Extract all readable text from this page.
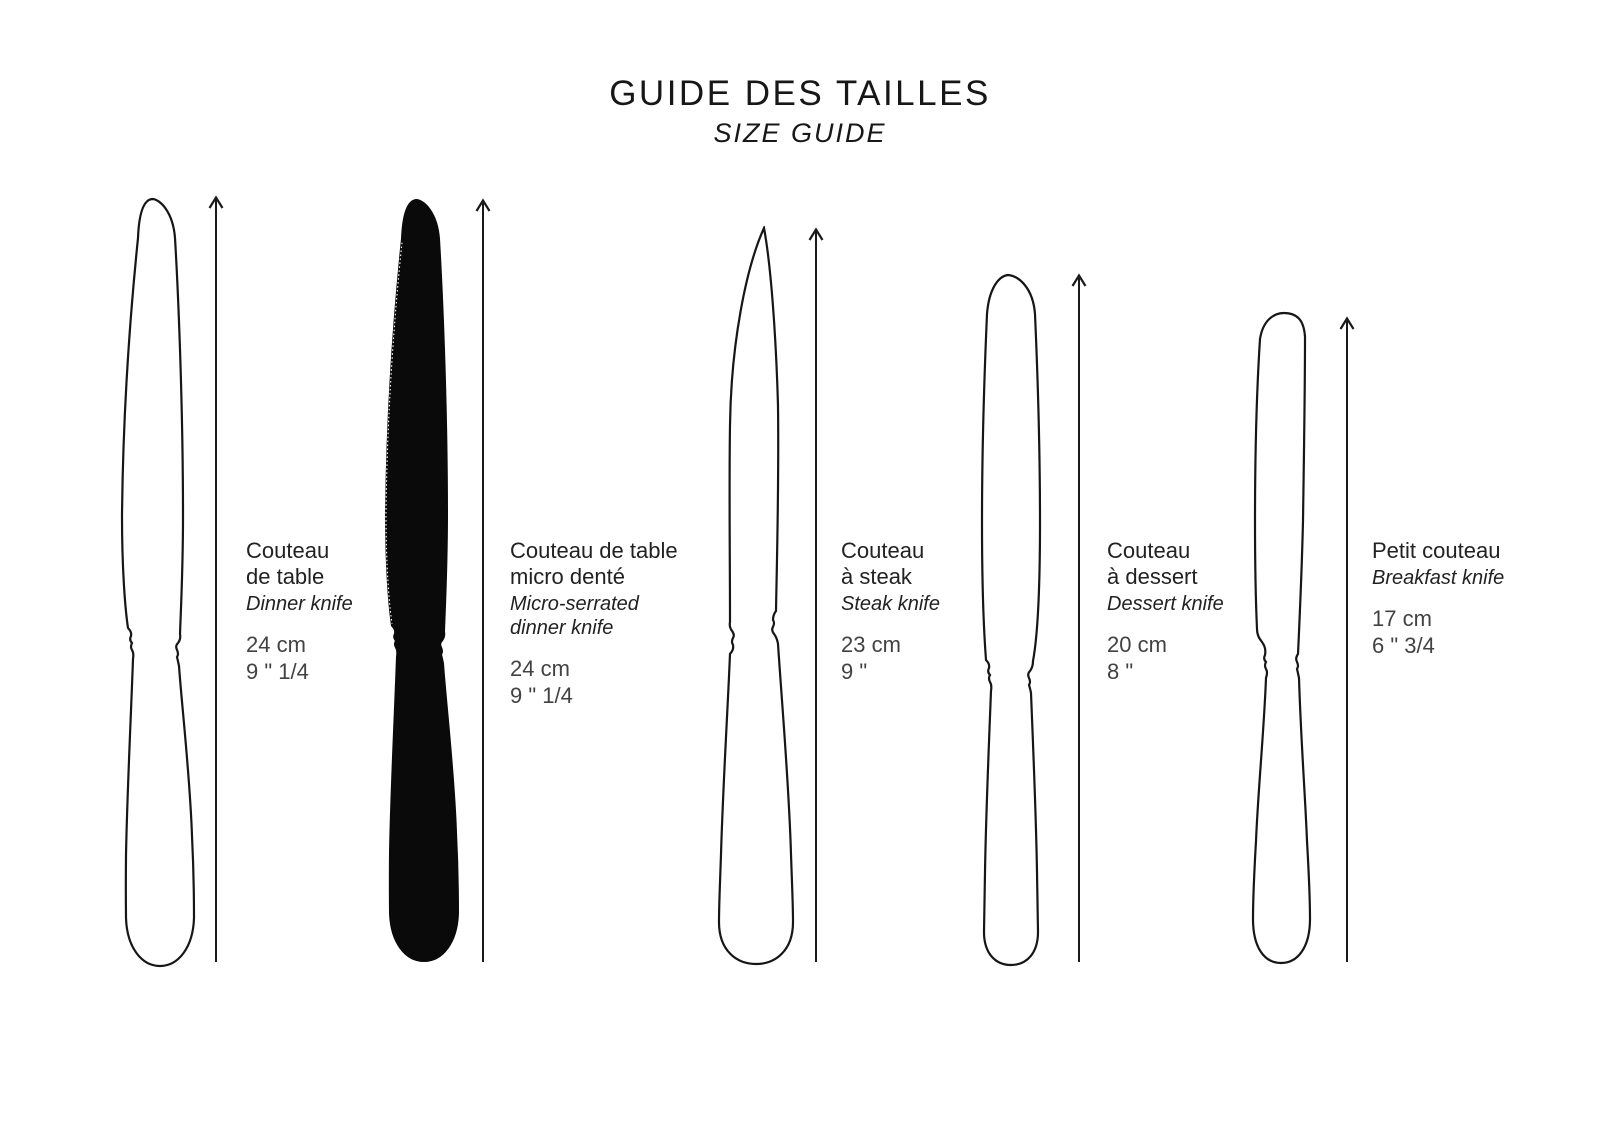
GUIDE DES TAILLES
SIZE GUIDE
Couteau
de table
Dinner knife
24 cm
9 " 1/4
Couteau de table
micro denté
Micro-serrated
dinner knife
24 cm
9 " 1/4
Couteau
à steak
Steak knife
23 cm
9 "
Couteau
à dessert
Dessert knife
20 cm
8 "
Petit couteau
Breakfast knife
17 cm
6 " 3/4
